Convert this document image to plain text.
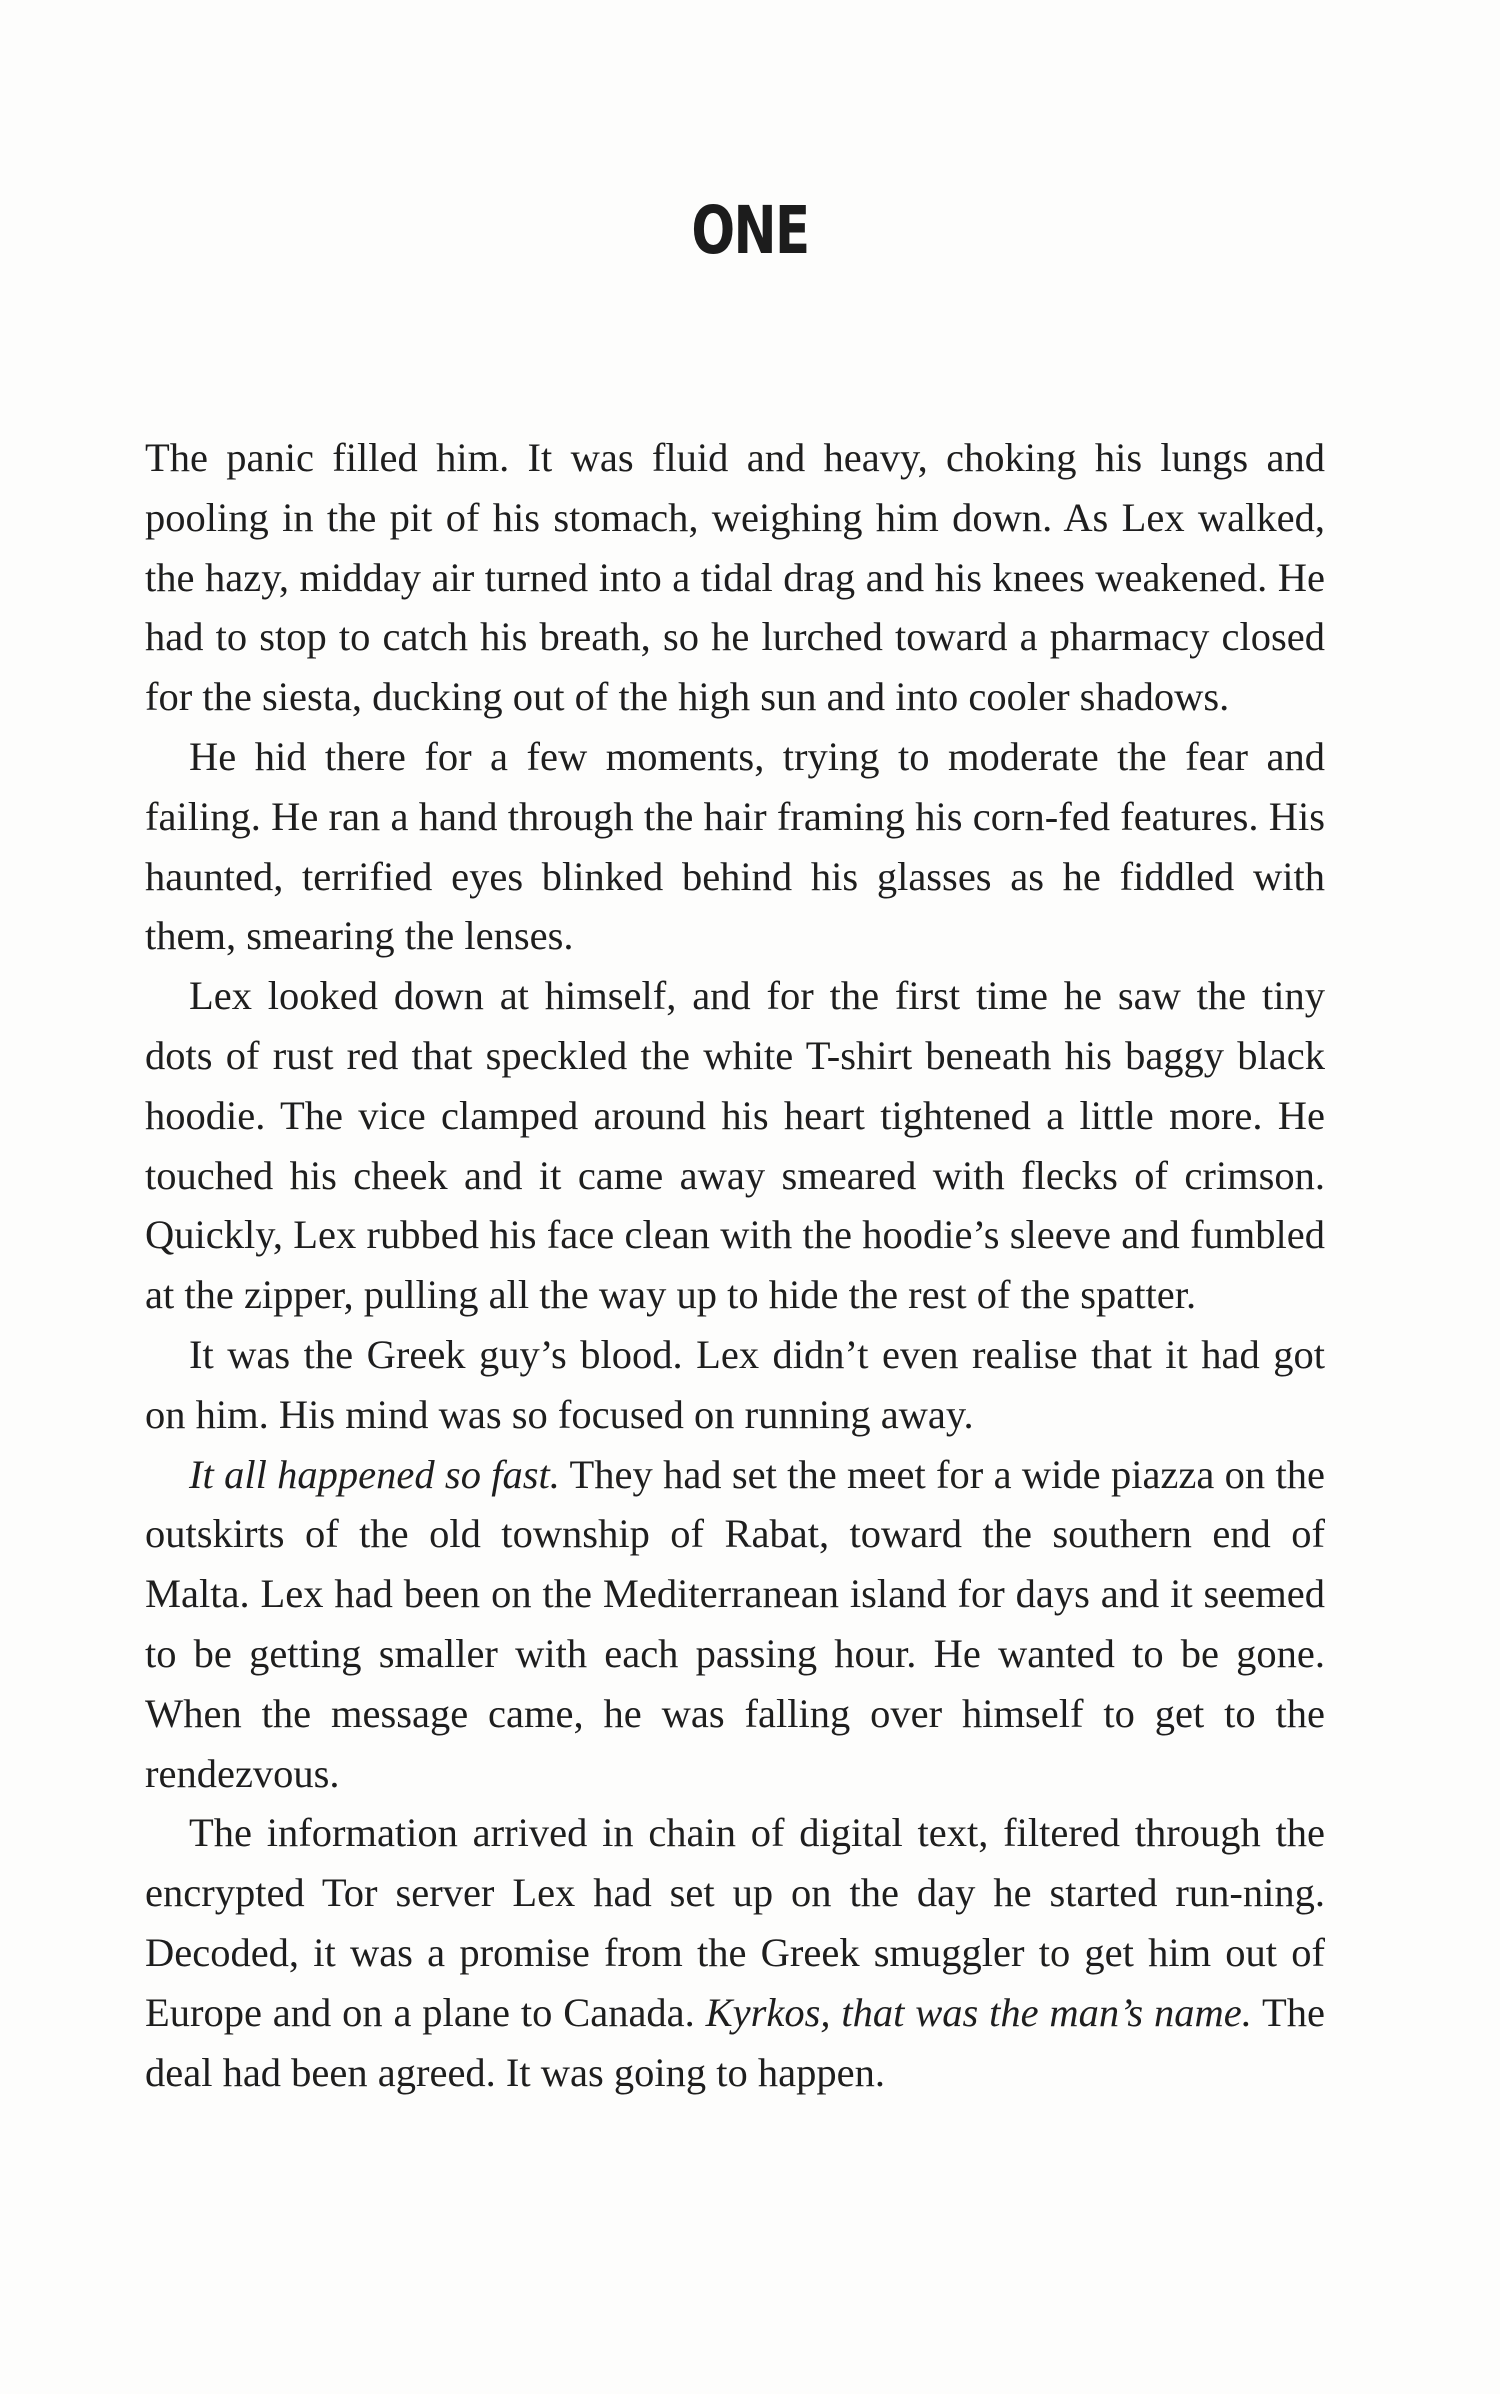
ONE

The panic filled him. It was fluid and heavy, choking his lungs and pooling in the pit of his stomach, weighing him down. As Lex walked, the hazy, midday air turned into a tidal drag and his knees weakened. He had to stop to catch his breath, so he lurched toward a pharmacy closed for the siesta, ducking out of the high sun and into cooler shadows.

He hid there for a few moments, trying to moderate the fear and failing. He ran a hand through the hair framing his corn-fed features. His haunted, terrified eyes blinked behind his glasses as he fiddled with them, smearing the lenses.

Lex looked down at himself, and for the first time he saw the tiny dots of rust red that speckled the white T-shirt beneath his baggy black hoodie. The vice clamped around his heart tightened a little more. He touched his cheek and it came away smeared with flecks of crimson. Quickly, Lex rubbed his face clean with the hoodie’s sleeve and fumbled at the zipper, pulling all the way up to hide the rest of the spatter.

It was the Greek guy’s blood. Lex didn’t even realise that it had got on him. His mind was so focused on running away.

It all happened so fast. They had set the meet for a wide piazza on the outskirts of the old township of Rabat, toward the southern end of Malta. Lex had been on the Mediterranean island for days and it seemed to be getting smaller with each passing hour. He wanted to be gone. When the message came, he was falling over himself to get to the rendezvous.

The information arrived in chain of digital text, filtered through the encrypted Tor server Lex had set up on the day he started run-ning. Decoded, it was a promise from the Greek smuggler to get him out of Europe and on a plane to Canada. Kyrkos, that was the man’s name. The deal had been agreed. It was going to happen.
